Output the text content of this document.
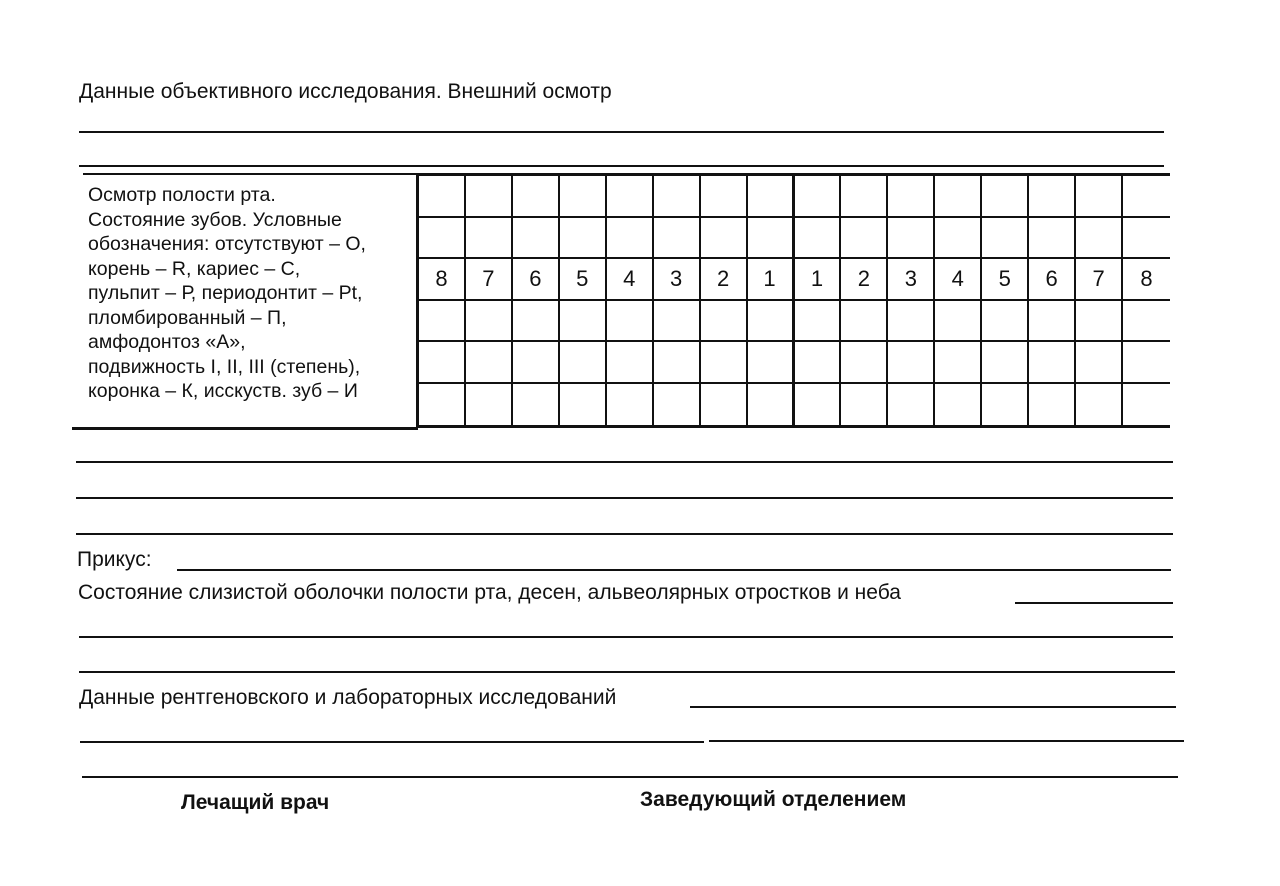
Данные объективного исследования. Внешний осмотр
Осмотр полости рта.
Состояние зубов. Условные
обозначения: отсутствуют – О,
корень – R, кариес – С,
пульпит – Р, периодонтит – Pt,
пломбированный – П,
амфодонтоз «А»,
подвижность I, II, III (степень),
коронка – К, исскуств. зуб – И
8	7	6	5	4	3	2	1	1	2	3	4	5	6	7	8
Прикус:
Состояние слизистой оболочки полости рта, десен, альвеолярных отростков и неба
Данные рентгеновского и лабораторных исследований
Лечащий врач	Заведующий отделением
